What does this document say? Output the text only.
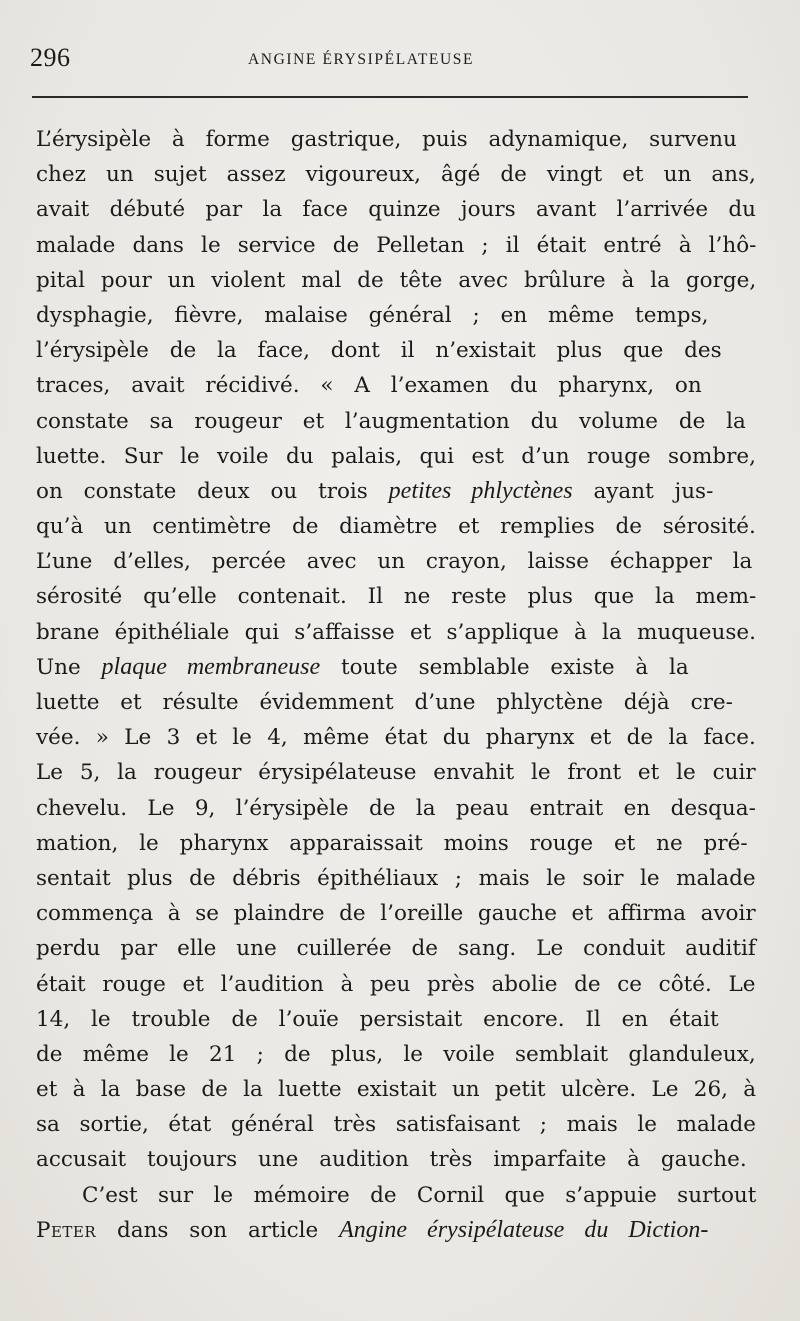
296	ANGINE ÉRYSIPÉLATEUSE
L’érysipèle à forme gastrique, puis adynamique, survenu
chez un sujet assez vigoureux, âgé de vingt et un ans,
avait débuté par la face quinze jours avant l’arrivée du
malade dans le service de Pelletan ; il était entré à l’hô-
pital pour un violent mal de tête avec brûlure à la gorge,
dysphagie, fièvre, malaise général ; en même temps,
l’érysipèle de la face, dont il n’existait plus que des
traces, avait récidivé. « A l’examen du pharynx, on
constate sa rougeur et l’augmentation du volume de la
luette. Sur le voile du palais, qui est d’un rouge sombre,
on constate deux ou trois petites phlyctènes ayant jus-
qu’à un centimètre de diamètre et remplies de sérosité.
L’une d’elles, percée avec un crayon, laisse échapper la
sérosité qu’elle contenait. Il ne reste plus que la mem-
brane épithéliale qui s’affaisse et s’applique à la muqueuse.
Une plaque membraneuse toute semblable existe à la
luette et résulte évidemment d’une phlyctène déjà cre-
vée. » Le 3 et le 4, même état du pharynx et de la face.
Le 5, la rougeur érysipélateuse envahit le front et le cuir
chevelu. Le 9, l’érysipèle de la peau entrait en desqua-
mation, le pharynx apparaissait moins rouge et ne pré-
sentait plus de débris épithéliaux ; mais le soir le malade
commença à se plaindre de l’oreille gauche et affirma avoir
perdu par elle une cuillerée de sang. Le conduit auditif
était rouge et l’audition à peu près abolie de ce côté. Le
14, le trouble de l’ouïe persistait encore. Il en était
de même le 21 ; de plus, le voile semblait glanduleux,
et à la base de la luette existait un petit ulcère. Le 26, à
sa sortie, état général très satisfaisant ; mais le malade
accusait toujours une audition très imparfaite à gauche.
C’est sur le mémoire de Cornil que s’appuie surtout
Peter dans son article Angine érysipélateuse du Diction-
